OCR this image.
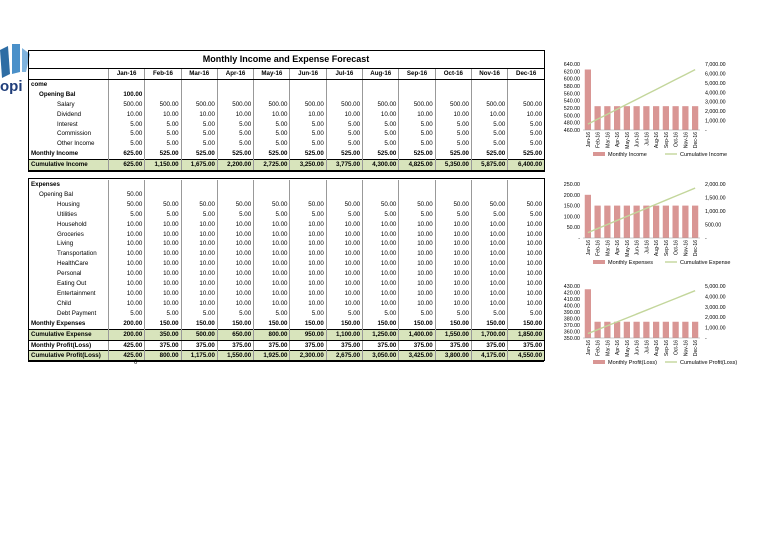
opi
Monthly Income and Expense Forecast
	Jan-16	Feb-16	Mar-16	Apr-16	May-16	Jun-16	Jul-16	Aug-16	Sep-16	Oct-16	Nov-16	Dec-16
come												
Opening Bal	100.00											
Salary	500.00	500.00	500.00	500.00	500.00	500.00	500.00	500.00	500.00	500.00	500.00	500.00
Dividend	10.00	10.00	10.00	10.00	10.00	10.00	10.00	10.00	10.00	10.00	10.00	10.00
Interest	5.00	5.00	5.00	5.00	5.00	5.00	5.00	5.00	5.00	5.00	5.00	5.00
Commission	5.00	5.00	5.00	5.00	5.00	5.00	5.00	5.00	5.00	5.00	5.00	5.00
Other Income	5.00	5.00	5.00	5.00	5.00	5.00	5.00	5.00	5.00	5.00	5.00	5.00
Monthly Income	625.00	525.00	525.00	525.00	525.00	525.00	525.00	525.00	525.00	525.00	525.00	525.00
Cumulative Income	625.00	1,150.00	1,675.00	2,200.00	2,725.00	3,250.00	3,775.00	4,300.00	4,825.00	5,350.00	5,875.00	6,400.00
Expenses												
Opening Bal	50.00											
Housing	50.00	50.00	50.00	50.00	50.00	50.00	50.00	50.00	50.00	50.00	50.00	50.00
Utilities	5.00	5.00	5.00	5.00	5.00	5.00	5.00	5.00	5.00	5.00	5.00	5.00
Household	10.00	10.00	10.00	10.00	10.00	10.00	10.00	10.00	10.00	10.00	10.00	10.00
Groceries	10.00	10.00	10.00	10.00	10.00	10.00	10.00	10.00	10.00	10.00	10.00	10.00
Living	10.00	10.00	10.00	10.00	10.00	10.00	10.00	10.00	10.00	10.00	10.00	10.00
Transportation	10.00	10.00	10.00	10.00	10.00	10.00	10.00	10.00	10.00	10.00	10.00	10.00
HealthCare	10.00	10.00	10.00	10.00	10.00	10.00	10.00	10.00	10.00	10.00	10.00	10.00
Personal	10.00	10.00	10.00	10.00	10.00	10.00	10.00	10.00	10.00	10.00	10.00	10.00
Eating Out	10.00	10.00	10.00	10.00	10.00	10.00	10.00	10.00	10.00	10.00	10.00	10.00
Entertainment	10.00	10.00	10.00	10.00	10.00	10.00	10.00	10.00	10.00	10.00	10.00	10.00
Child	10.00	10.00	10.00	10.00	10.00	10.00	10.00	10.00	10.00	10.00	10.00	10.00
Debt Payment	5.00	5.00	5.00	5.00	5.00	5.00	5.00	5.00	5.00	5.00	5.00	5.00
Monthly Expenses	200.00	150.00	150.00	150.00	150.00	150.00	150.00	150.00	150.00	150.00	150.00	150.00
Cumulative Expense	200.00	350.00	500.00	650.00	800.00	950.00	1,100.00	1,250.00	1,400.00	1,550.00	1,700.00	1,850.00
Monthly Profit(Loss)	425.00	375.00	375.00	375.00	375.00	375.00	375.00	375.00	375.00	375.00	375.00	375.00
Cumulative Profit(Loss)	425.00	800.00	1,175.00	1,550.00	1,925.00	2,300.00	2,675.00	3,050.00	3,425.00	3,800.00	4,175.00	4,550.00
0
640.00
620.00
600.00
580.00
560.00
540.00
520.00
500.00
480.00
460.00
7,000.00
6,000.00
5,000.00
4,000.00
3,000.00
2,000.00
1,000.00
-
Jan-16 Feb-16 Mar-16 Apr-16 May-16 Jun-16 Jul-16 Aug-16 Sep-16 Oct-16 Nov-16 Dec-16
Monthly Income	Cumulative Income
250.00
200.00
150.00
100.00
50.00
-
2,000.00
1,500.00
1,000.00
500.00
-
Jan-16 Feb-16 Mar-16 Apr-16 May-16 Jun-16 Jul-16 Aug-16 Sep-16 Oct-16 Nov-16 Dec-16
Monthly Expenses	Cumulative Expense
430.00
420.00
410.00
400.00
390.00
380.00
370.00
360.00
350.00
5,000.00
4,000.00
3,000.00
2,000.00
1,000.00
-
Jan-16 Feb-16 Mar-16 Apr-16 May-16 Jun-16 Jul-16 Aug-16 Sep-16 Oct-16 Nov-16 Dec-16
Monthly Profit(Loss)	Cumulative Profit(Loss)
